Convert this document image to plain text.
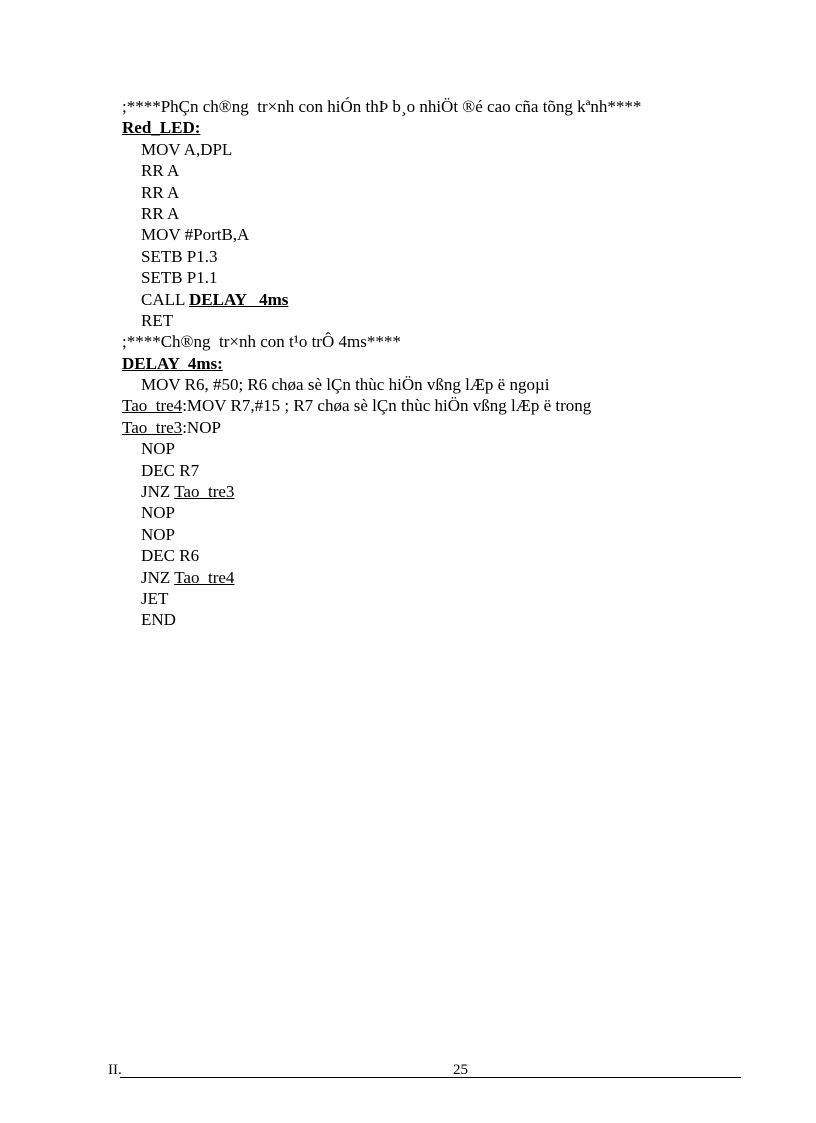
;****PhÇn ch®ng  tr×nh con hiÓn thÞ b¸o nhiÖt ®é cao cña tõng kªnh****
Red_LED:
MOV A,DPL
RR A
RR A
RR A
MOV #PortB,A
SETB P1.3
SETB P1.1
CALL DELAY   4ms
RET
;****Ch®ng  tr×nh con t¹o trÔ 4ms****
DELAY  4ms:
MOV R6, #50; R6 chøa sè lÇn thùc hiÖn vßng lÆp ë ngoµi
Tao_tre4:MOV R7,#15 ; R7 chøa sè lÇn thùc hiÖn vßng lÆp ë trong
Tao_tre3:NOP
NOP
DEC R7
JNZ Tao_tre3
NOP
NOP
DEC R6
JNZ Tao_tre4
JET
END
II.	25
